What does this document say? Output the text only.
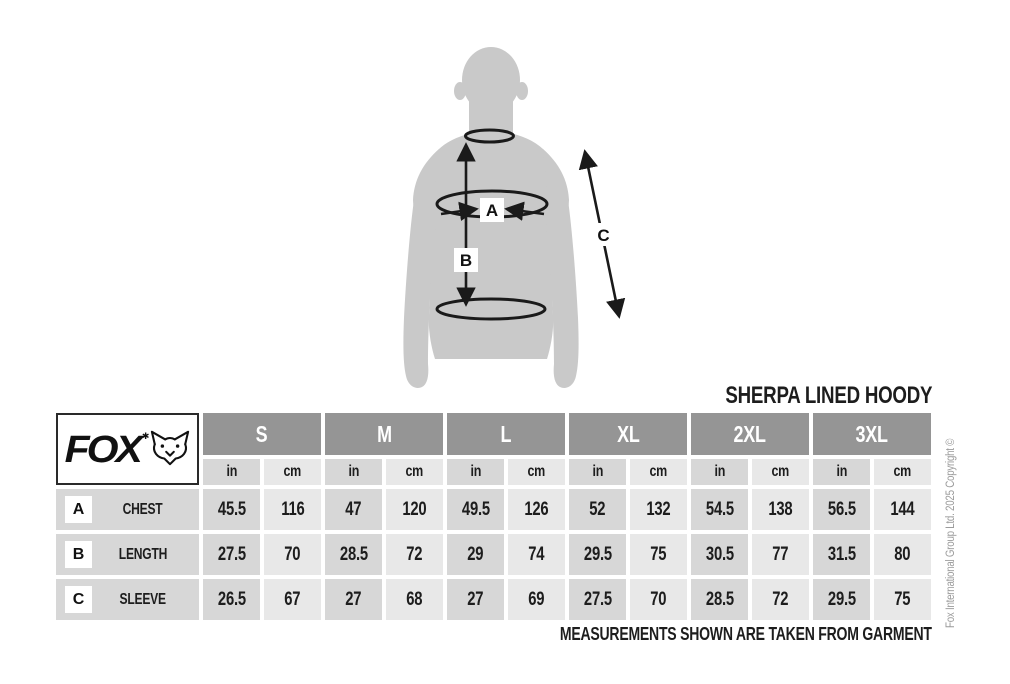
A
B
C
SHERPA LINED HOODY
FOX ✱	S	M	L	XL	2XL	3XL
in	cm	in	cm	in	cm	in	cm	in	cm	in	cm
A	CHEST	45.5 116 47 120 49.5 126 52 132 54.5 138 56.5 144
B	LENGTH	27.5 70 28.5 72 29 74 29.5 75 30.5 77 31.5 80
C	SLEEVE	26.5 67 27 68 27 69 27.5 70 28.5 72 29.5 75
MEASUREMENTS SHOWN ARE TAKEN FROM GARMENT
Fox International Group Ltd. 2025 Copyright ©
